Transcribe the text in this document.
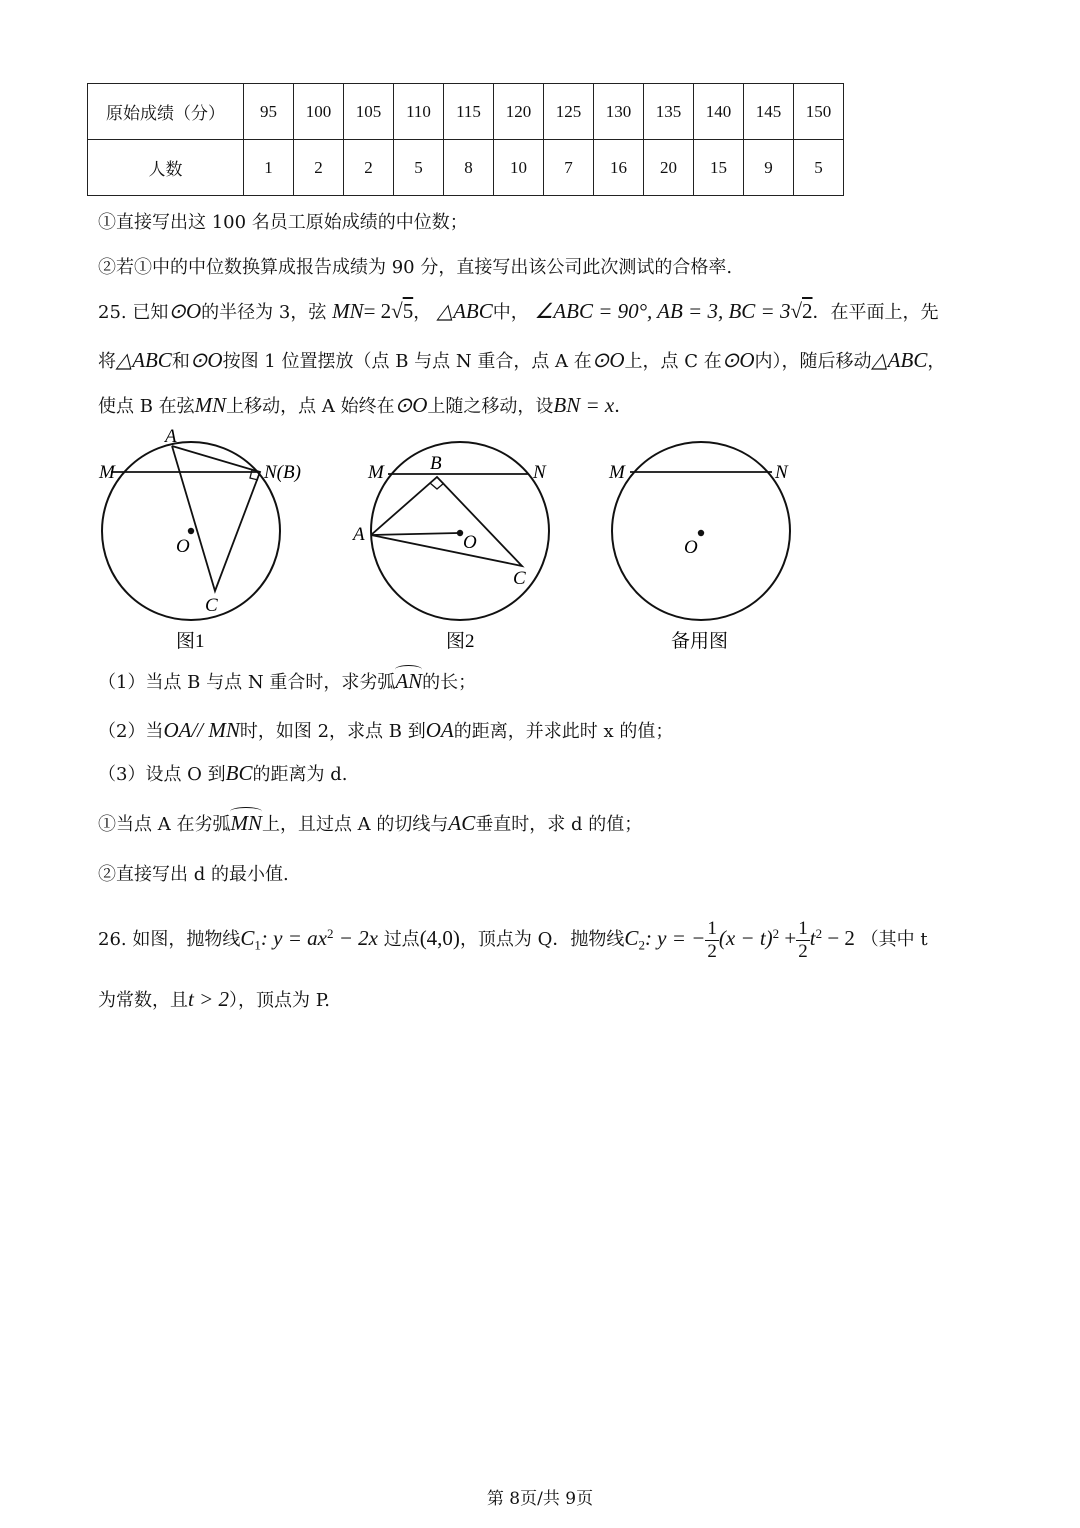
原始成绩（分）	95	100	105	110	115	120	125	130	135	140	145	150
人数	1	2	2	5	8	10	7	16	20	15	9	5
①直接写出这 100 名员工原始成绩的中位数；
②若①中的中位数换算成报告成绩为 90 分，直接写出该公司此次测试的合格率.
25. 已知⊙O的半径为 3，弦 MN= 2√5， △ABC中， ∠ABC = 90°, AB = 3, BC = 3√2．在平面上，先
将△ABC和⊙O按图 1 位置摆放（点 B 与点 N 重合，点 A 在⊙O上，点 C 在⊙O内），随后移动△ABC，
使点 B 在弦MN上移动，点 A 始终在⊙O上随之移动，设BN = x．
A
M	N(B)
O
C
图1
B
M	N
A	O
C
图2
M	N
O
备用图
（1）当点 B 与点 N 重合时，求劣弧AN的长；
（2）当OA// MN时，如图 2，求点 B 到OA的距离，并求此时 x 的值；
（3）设点 O 到BC的距离为 d.
①当点 A 在劣弧MN上，且过点 A 的切线与AC垂直时，求 d 的值；
②直接写出 d 的最小值.
26. 如图，抛物线$C_1$: $y = ax^2 - 2x$ 过点(4,0)，顶点为 Q．抛物线$C_2$: y = − $\frac{1}{2} (x - t)^2 + \frac{1}{2} t^2 - 2$ （其中 t
为常数，且t > 2），顶点为 P.
第 8页/共 9页
